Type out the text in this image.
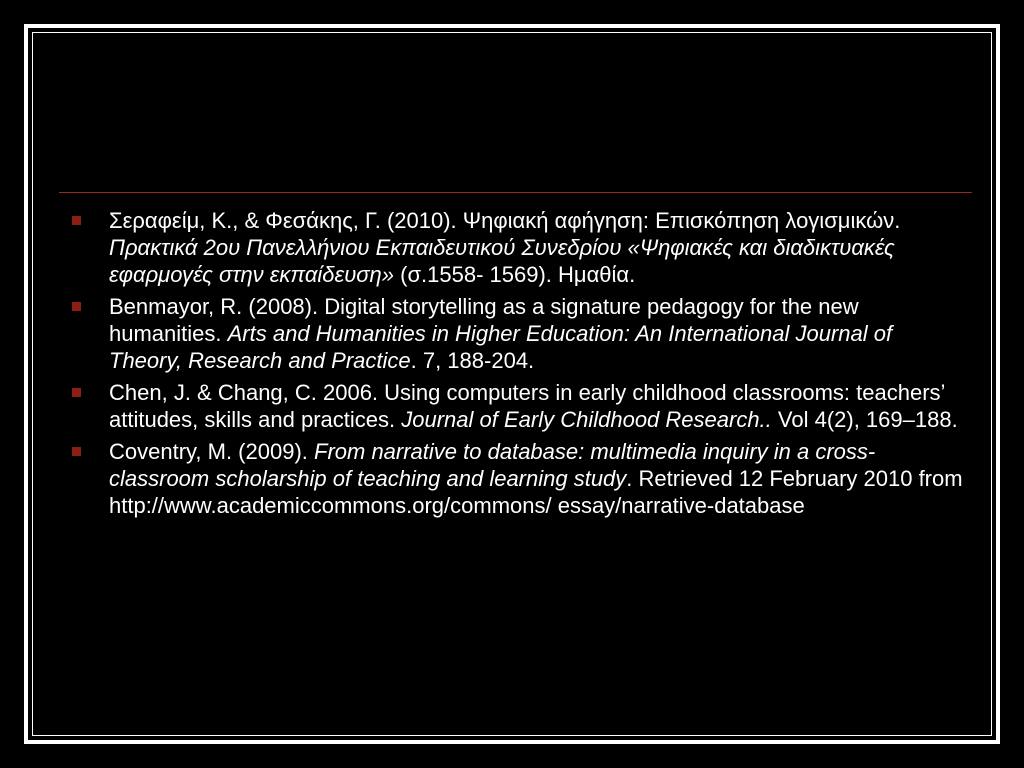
Σεραφείμ, Κ., & Φεσάκης, Γ. (2010). Ψηφιακή αφήγηση: Επισκόπηση λογισμικών. Πρακτικά 2ου Πανελλήνιου Εκπαιδευτικού Συνεδρίου «Ψηφιακές και διαδικτυακές εφαρμογές στην εκπαίδευση» (σ.1558- 1569). Ημαθία.
Benmayor, R. (2008). Digital storytelling as a signature pedagogy for the new humanities. Arts and Humanities in Higher Education: An International Journal of Theory, Research and Practice. 7, 188-204.
Chen, J. & Chang, C. 2006. Using computers in early childhood classrooms: teachers’ attitudes, skills and practices. Journal of Early Childhood Research.. Vol 4(2), 169–188.
Coventry, M. (2009). From narrative to database: multimedia inquiry in a cross-classroom scholarship of teaching and learning study. Retrieved 12 February 2010 from http://www.academiccommons.org/commons/ essay/narrative-database
